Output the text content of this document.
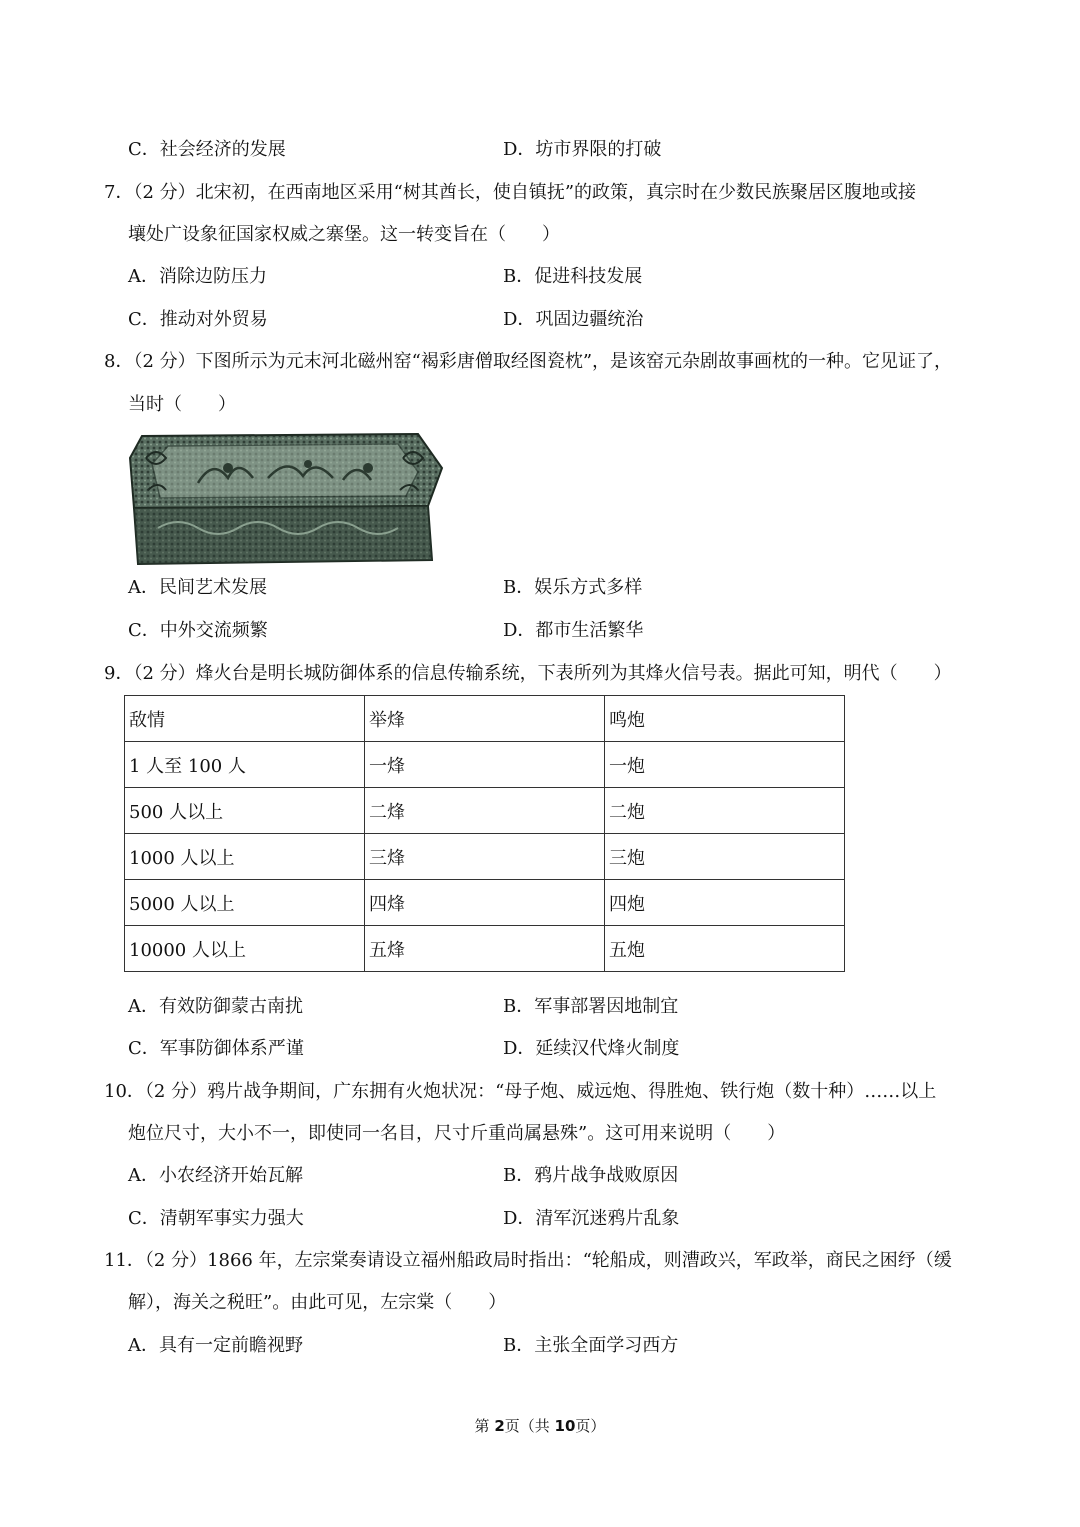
C．社会经济的发展	D．坊市界限的打破
7．（2 分）北宋初，在西南地区采用“树其酋长，使自镇抚”的政策，真宗时在少数民族聚居区腹地或接
壤处广设象征国家权威之寨堡。这一转变旨在（　　）
A．消除边防压力	B．促进科技发展
C．推动对外贸易	D．巩固边疆统治
8．（2 分）下图所示为元末河北磁州窑“褐彩唐僧取经图瓷枕”，是该窑元杂剧故事画枕的一种。它见证了，
当时（　　）
A．民间艺术发展	B．娱乐方式多样
C．中外交流频繁	D．都市生活繁华
9．（2 分）烽火台是明长城防御体系的信息传输系统，下表所列为其烽火信号表。据此可知，明代（　　）
敌情	举烽	鸣炮
1 人至 100 人	一烽	一炮
500 人以上	二烽	二炮
1000 人以上	三烽	三炮
5000 人以上	四烽	四炮
10000 人以上	五烽	五炮
A．有效防御蒙古南扰	B．军事部署因地制宜
C．军事防御体系严谨	D．延续汉代烽火制度
10．（2 分）鸦片战争期间，广东拥有火炮状况：“母子炮、威远炮、得胜炮、铁行炮（数十种）……以上
炮位尺寸，大小不一，即使同一名目，尺寸斤重尚属悬殊”。这可用来说明（　　）
A．小农经济开始瓦解	B．鸦片战争战败原因
C．清朝军事实力强大	D．清军沉迷鸦片乱象
11．（2 分）1866 年，左宗棠奏请设立福州船政局时指出：“轮船成，则漕政兴，军政举，商民之困纾（缓
解），海关之税旺”。由此可见，左宗棠（　　）
A．具有一定前瞻视野	B．主张全面学习西方
第 2页（共 10页）
